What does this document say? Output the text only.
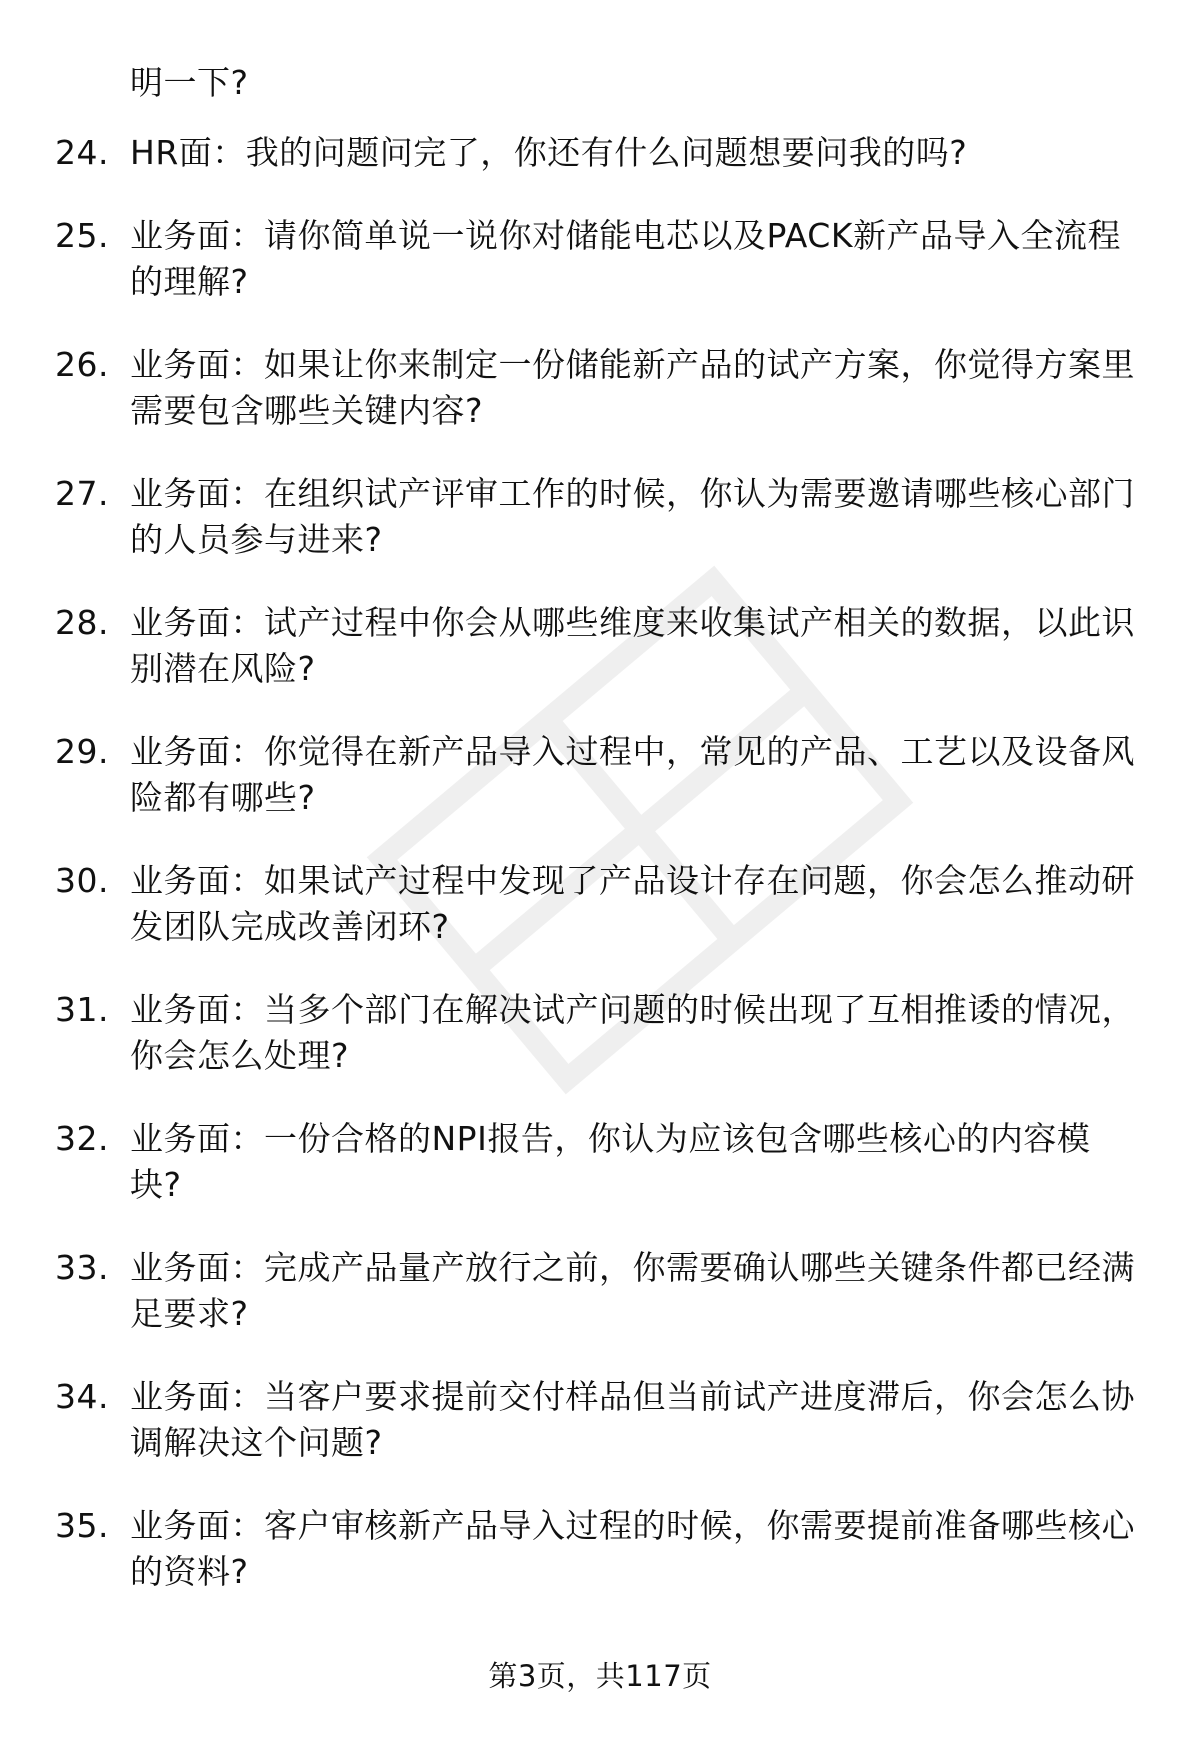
明一下?
24. HR面：我的问题问完了，你还有什么问题想要问我的吗?
25. 业务面：请你简单说一说你对储能电芯以及PACK新产品导入全流程的理解?
26. 业务面：如果让你来制定一份储能新产品的试产方案，你觉得方案里需要包含哪些关键内容?
27. 业务面：在组织试产评审工作的时候，你认为需要邀请哪些核心部门的人员参与进来?
28. 业务面：试产过程中你会从哪些维度来收集试产相关的数据，以此识别潜在风险?
29. 业务面：你觉得在新产品导入过程中，常见的产品、工艺以及设备风险都有哪些?
30. 业务面：如果试产过程中发现了产品设计存在问题，你会怎么推动研发团队完成改善闭环?
31. 业务面：当多个部门在解决试产问题的时候出现了互相推诿的情况，你会怎么处理?
32. 业务面：一份合格的NPI报告，你认为应该包含哪些核心的内容模块?
33. 业务面：完成产品量产放行之前，你需要确认哪些关键条件都已经满足要求?
34. 业务面：当客户要求提前交付样品但当前试产进度滞后，你会怎么协调解决这个问题?
35. 业务面：客户审核新产品导入过程的时候，你需要提前准备哪些核心的资料?
第3页，共117页
